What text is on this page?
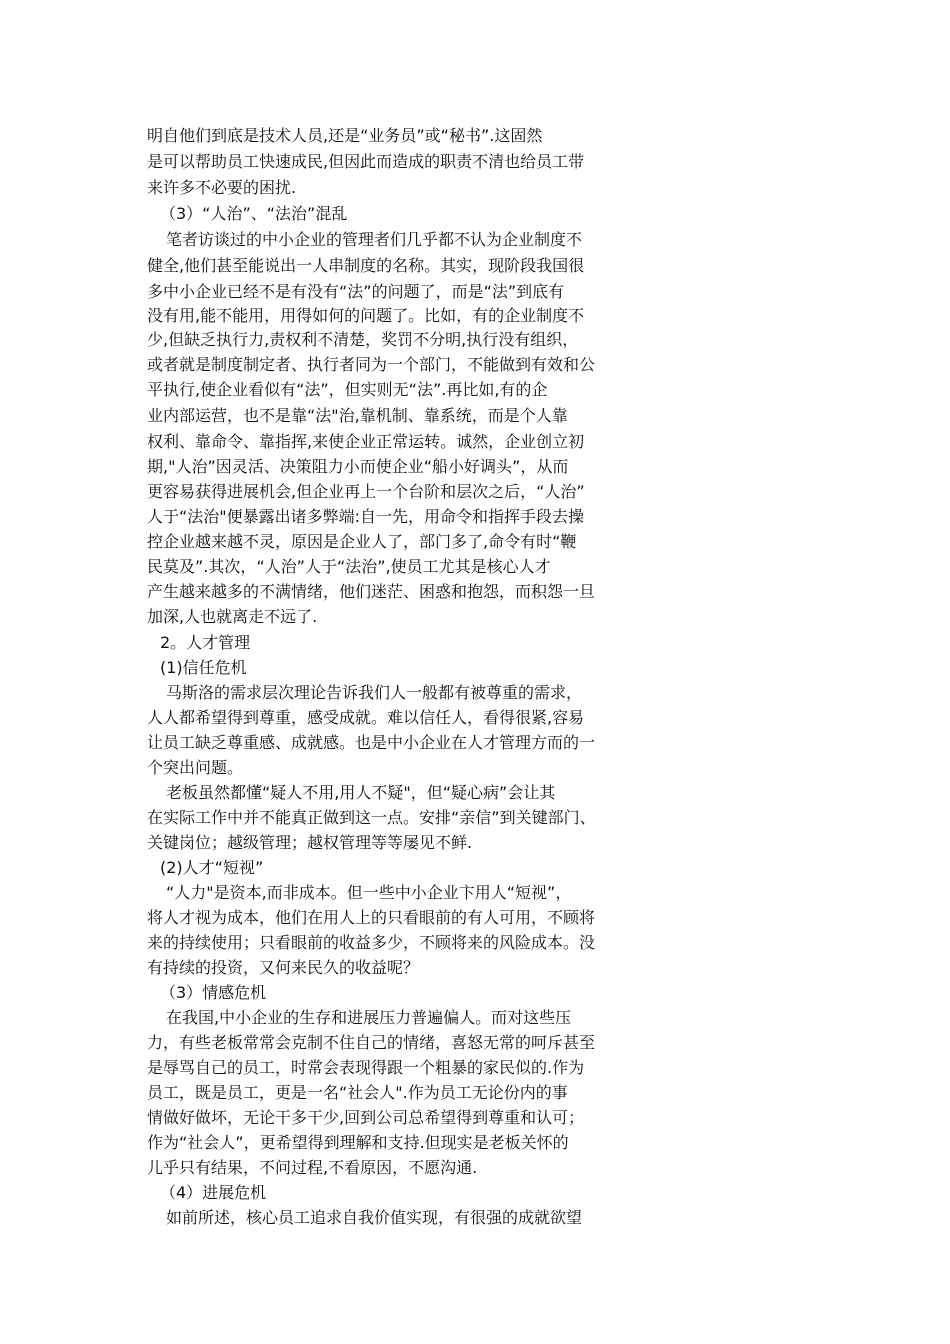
明自他们到底是技术人员,还是“业务员”或“秘书”.这固然
是可以帮助员工快速成民,但因此而造成的职责不清也给员工带
来许多不必要的困扰.
（3）“人治”、“法治”混乱
笔者访谈过的中小企业的管理者们几乎都不认为企业制度不
健全,他们甚至能说出一人串制度的名称。其实，现阶段我国很
多中小企业已经不是有没有“法”的问题了，而是“法”到底有
没有用,能不能用，用得如何的问题了。比如，有的企业制度不
少,但缺乏执行力,责权利不清楚，奖罚不分明,执行没有组织，
或者就是制度制定者、执行者同为一个部门，不能做到有效和公
平执行,使企业看似有“法”，但实则无“法”.再比如,有的企
业内部运营，也不是靠“法"治,靠机制、靠系统，而是个人靠
权利、靠命令、靠指挥,来使企业正常运转。诚然，企业创立初
期,"人治”因灵活、决策阻力小而使企业“船小好调头”，从而
更容易获得进展机会,但企业再上一个台阶和层次之后，“人治”
人于“法治"便暴露出诸多弊端:自一先，用命令和指挥手段去操
控企业越来越不灵，原因是企业人了，部门多了,命令有时“鞭
民莫及”.其次，“人治”人于“法治”,使员工尤其是核心人才
产生越来越多的不满情绪，他们迷茫、困惑和抱怨，而积怨一旦
加深,人也就离走不远了.
2。人才管理
(1)信任危机
马斯洛的需求层次理论告诉我们人一般都有被尊重的需求，
人人都希望得到尊重，感受成就。难以信任人，看得很紧,容易
让员工缺乏尊重感、成就感。也是中小企业在人才管理方而的一
个突出问题。
老板虽然都懂“疑人不用,用人不疑"，但“疑心病”会让其
在实际工作中并不能真正做到这一点。安排“亲信”到关键部门、
关键岗位；越级管理；越权管理等等屡见不鲜.
(2)人才“短视”
“人力"是资本,而非成本。但一些中小企业卞用人“短视”，
将人才视为成本，他们在用人上的只看眼前的有人可用，不顾将
来的持续使用；只看眼前的收益多少，不顾将来的风险成本。没
有持续的投资，又何来民久的收益呢？
（3）情感危机
在我国,中小企业的生存和进展压力普遍偏人。而对这些压
力，有些老板常常会克制不住自己的情绪，喜怒无常的呵斥甚至
是辱骂自己的员工，时常会表现得跟一个粗暴的家民似的.作为
员工，既是员工，更是一名“社会人".作为员工无论份内的事
情做好做坏，无论干多干少,回到公司总希望得到尊重和认可；
作为“社会人”，更希望得到理解和支持.但现实是老板关怀的
儿乎只有结果，不问过程,不看原因，不愿沟通.
（4）进展危机
如前所述，核心员工追求自我价值实现，有很强的成就欲望
